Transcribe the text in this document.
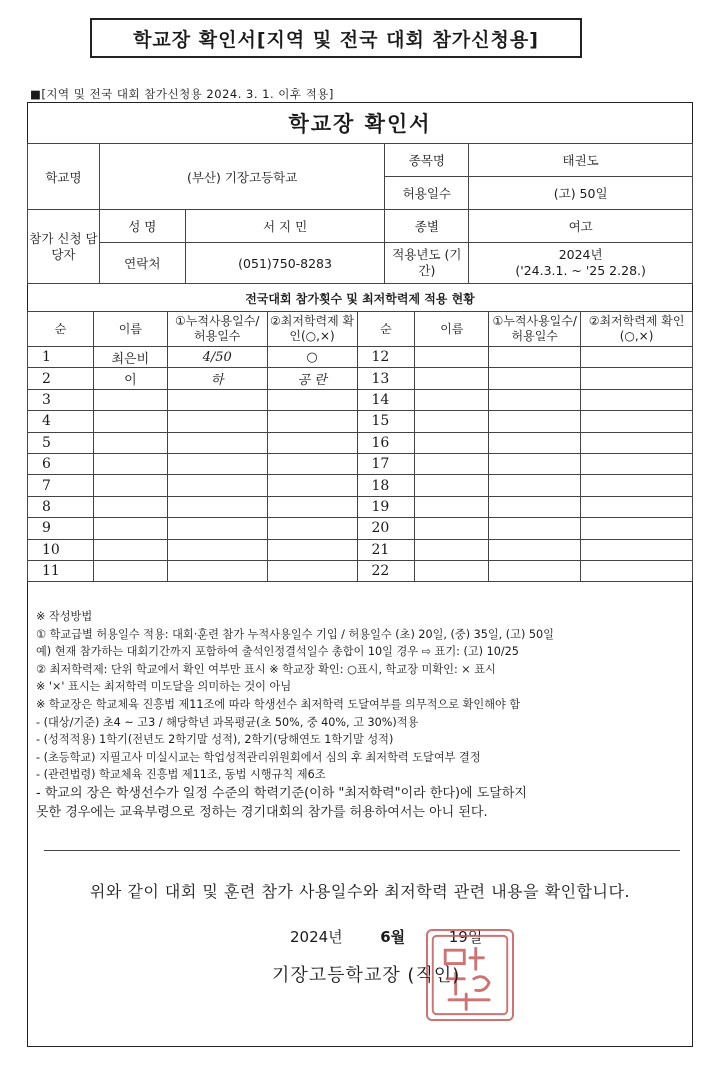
학교장 확인서[지역 및 전국 대회 참가신청용]
■[지역 및 전국 대회 참가신청용 2024. 3. 1. 이후 적용]
학교장 확인서
학교명	(부산) 기장고등학교		종목명	태권도
			허용일수	(고) 50일
참가 신청 담당자	성 명	서 지 민	종별	여고
	연락처	(051)750-8283	적용년도 (기간)	2024년
('24.3.1. ~ '25 2.28.)
전국대회 참가횟수 및 최저학력제 적용 현황
순	이름	①누적사용일수/ 허용일수	②최저학력제 확인(○,×)	순	이름	①누적사용일수/ 허용일수	②최저학력제 확인(○,×)
1	최은비	4/50	○	12			
2	이	하	공 란	13			
3				14			
4				15			
5				16			
6				17			
7				18			
8				19			
9				20			
10				21			
11				22			
※ 작성방법
① 학교급별 허용일수 적용: 대회·훈련 참가 누적사용일수 기입 / 허용일수 (초) 20일, (중) 35일, (고) 50일
예) 현재 참가하는 대회기간까지 포함하여 출석인정결석일수 총합이 10일 경우 ⇨ 표기: (고) 10/25
② 최저학력제: 단위 학교에서 확인 여부만 표시 ※ 학교장 확인: ○표시, 학교장 미확인: × 표시
※ '×' 표시는 최저학력 미도달을 의미하는 것이 아님
※ 학교장은 학교체육 진흥법 제11조에 따라 학생선수 최저학력 도달여부를 의무적으로 확인해야 함
- (대상/기준) 초4 ~ 고3 / 해당학년 과목평균(초 50%, 중 40%, 고 30%)적용
- (성적적용) 1학기(전년도 2학기말 성적), 2학기(당해연도 1학기말 성적)
- (초등학교) 지필고사 미실시교는 학업성적관리위원회에서 심의 후 최저학력 도달여부 결정
- (관련법령) 학교체육 진흥법 제11조, 동법 시행규칙 제6조
- 학교의 장은 학생선수가 일정 수준의 학력기준(이하 "최저학력"이라 한다)에 도달하지
못한 경우에는 교육부령으로 정하는 경기대회의 참가를 허용하여서는 아니 된다.
위와 같이 대회 및 훈련 참가 사용일수와 최저학력 관련 내용을 확인합니다.
2024년	6월	19일
기장고등학교장 (직인)
